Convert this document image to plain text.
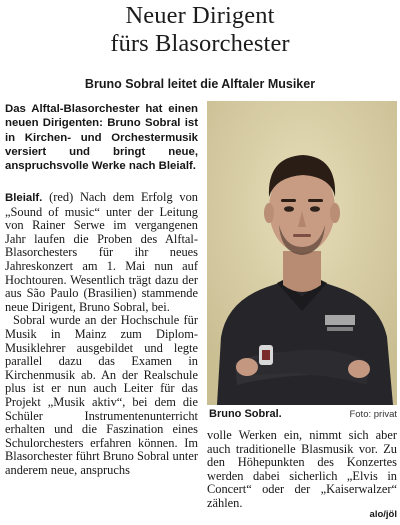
Neuer Dirigent
fürs Blasorchester
Bruno Sobral leitet die Alftaler Musiker
Das Alftal-Blasorchester hat einen neuen Dirigenten: Bruno Sobral ist in Kirchen- und Orchestermusik versiert und bringt neue, anspruchsvolle Werke nach Bleialf.

Bleialf. (red) Nach dem Erfolg von „Sound of music“ unter der Leitung von Rainer Serwe im vergangenen Jahr laufen die Proben des Alftal-Blasorchesters für ihr neues Jahreskonzert am 1. Mai nun auf Hochtouren. Wesentlich trägt dazu der aus São Paulo (Brasilien) stammende neue Dirigent, Bruno Sobral, bei.

Sobral wurde an der Hochschule für Musik in Mainz zum Diplom-Musiklehrer ausgebildet und legte parallel dazu das Examen in Kirchenmusik ab. An der Realschule plus ist er nun auch Leiter für das Projekt „Musik aktiv“, bei dem die Schüler Instrumentenunterricht erhalten und die Faszination eines Schulorchesters erfahren können. Im Blasorchester führt Bruno Sobral unter anderem neue, anspruchs

Bruno Sobral.	Foto: privat

volle Werken ein, nimmt sich aber auch traditionelle Blasmusik vor. Zu den Höhepunkten des Konzertes werden dabei sicherlich „Elvis in Concert“ oder der „Kaiserwalzer“ zählen.

alo/jöl
